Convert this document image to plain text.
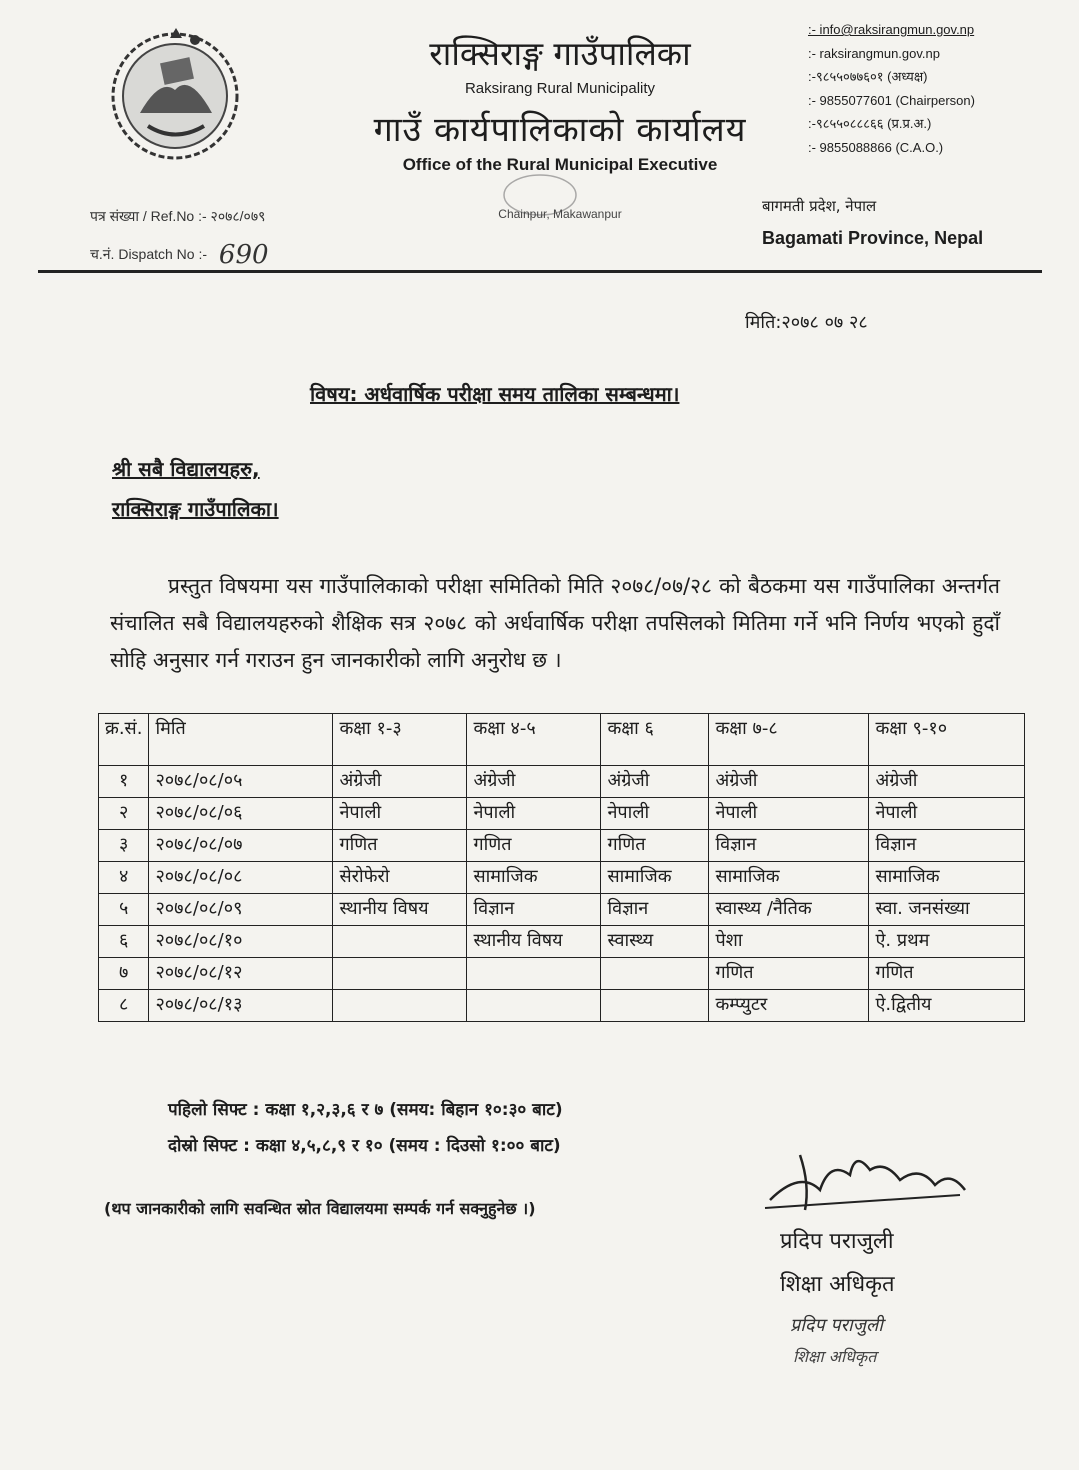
राक्सिराङ्ग गाउँपालिका
Raksirang Rural Municipality
गाउँ कार्यपालिकाको कार्यालय
Office of the Rural Municipal Executive
Chainpur, Makawanpur
:- info@raksirangmun.gov.np
:- raksirangmun.gov.np
:-९८५५०७७६०१ (अध्यक्ष)
:- 9855077601 (Chairperson)
:-९८५५०८८८६६ (प्र.प्र.अ.)
:- 9855088866 (C.A.O.)
बागमती प्रदेश, नेपाल
Bagamati Province, Nepal
पत्र संख्या / Ref.No :- २०७८/०७९
च.नं. Dispatch No :- 690
मिति:२०७८ ०७ २८
विषय: अर्धवार्षिक परीक्षा समय तालिका सम्बन्धमा।
श्री सबै विद्यालयहरु,
राक्सिराङ्ग गाउँपालिका।
प्रस्तुत विषयमा यस गाउँपालिकाको परीक्षा समितिको मिति २०७८/०७/२८ को बैठकमा यस गाउँपालिका अन्तर्गत संचालित सबै विद्यालयहरुको शैक्षिक सत्र २०७८ को अर्धवार्षिक परीक्षा तपसिलको मितिमा गर्ने भनि निर्णय भएको हुदाँ सोहि अनुसार गर्न गराउन हुन जानकारीको लागि अनुरोध छ ।
क्र.सं.	मिति	कक्षा १-३	कक्षा ४-५	कक्षा ६	कक्षा ७-८	कक्षा ९-१०
१	२०७८/०८/०५	अंग्रेजी	अंग्रेजी	अंग्रेजी	अंग्रेजी	अंग्रेजी
२	२०७८/०८/०६	नेपाली	नेपाली	नेपाली	नेपाली	नेपाली
३	२०७८/०८/०७	गणित	गणित	गणित	विज्ञान	विज्ञान
४	२०७८/०८/०८	सेरोफेरो	सामाजिक	सामाजिक	सामाजिक	सामाजिक
५	२०७८/०८/०९	स्थानीय विषय	विज्ञान	विज्ञान	स्वास्थ्य /नैतिक	स्वा. जनसंख्या
६	२०७८/०८/१०		स्थानीय विषय	स्वास्थ्य	पेशा	ऐ. प्रथम
७	२०७८/०८/१२				गणित	गणित
८	२०७८/०८/१३				कम्प्युटर	ऐ.द्वितीय
पहिलो सिफ्ट : कक्षा १,२,३,६ र ७ (समय: बिहान १०:३० बाट)
दोस्रो सिफ्ट : कक्षा ४,५,८,९ र १० (समय : दिउसो १:०० बाट)
(थप जानकारीको लागि सवन्धित स्रोत विद्यालयमा सम्पर्क गर्न सक्नुहुनेछ ।)
प्रदिप पराजुली
शिक्षा अधिकृत
प्रदिप पराजुली
शिक्षा अधिकृत
